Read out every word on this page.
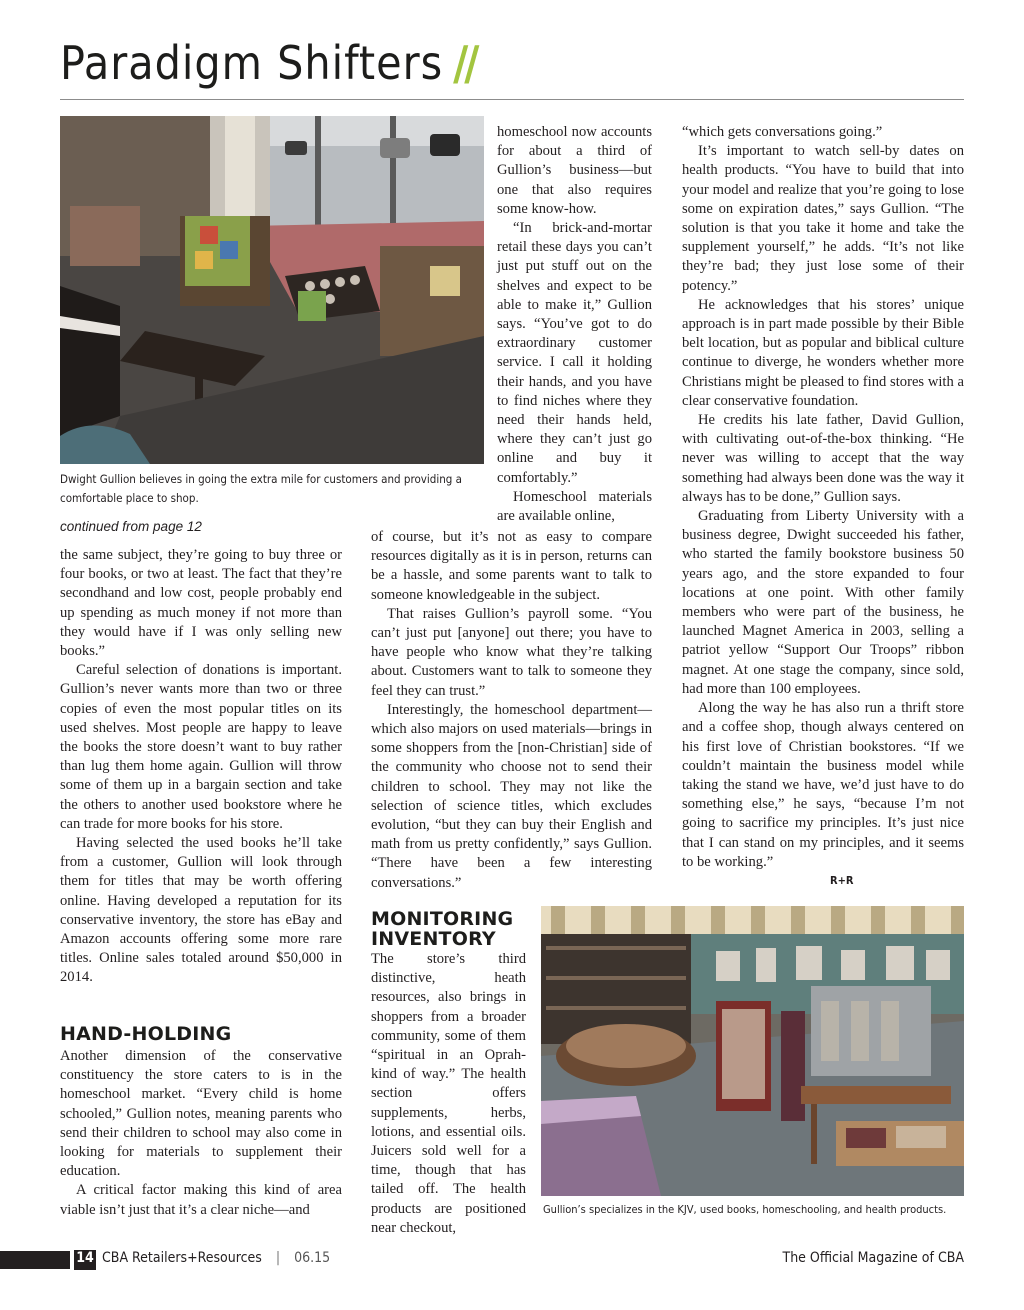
Paradigm Shifters //
Dwight Gullion believes in going the extra mile for customers and providing a comfortable place to shop.
continued from page 12

the same subject, they’re going to buy three or four books, or two at least. The fact that they’re secondhand and low cost, people probably end up spending as much money if not more than they would have if I was only selling new books.”

Careful selection of donations is important. Gullion’s never wants more than two or three copies of even the most popular titles on its used shelves. Most people are happy to leave the books the store doesn’t want to buy rather than lug them home again. Gullion will throw some of them up in a bargain section and take the others to another used bookstore where he can trade for more books for his store.

Having selected the used books he’ll take from a customer, Gullion will look through them for titles that may be worth offering online. Having developed a reputation for its conservative inventory, the store has eBay and Amazon accounts offering some more rare titles. Online sales totaled around $50,000 in 2014.

HAND-HOLDING

Another dimension of the conservative constituency the store caters to is in the homeschool market. “Every child is home schooled,” Gullion notes, meaning parents who send their children to school may also come in looking for materials to supplement their education.

A critical factor making this kind of area viable isn’t just that it’s a clear niche—and

homeschool now accounts for about a third of Gullion’s business—but one that also requires some know-how.

“In brick-and-mortar retail these days you can’t just put stuff out on the shelves and expect to be able to make it,” Gullion says. “You’ve got to do extraordinary customer service. I call it holding their hands, and you have to find niches where they need their hands held, where they can’t just go online and buy it comfortably.”

Homeschool materials are available online,

of course, but it’s not as easy to compare resources digitally as it is in person, returns can be a hassle, and some parents want to talk to someone knowledgeable in the subject.

That raises Gullion’s payroll some. “You can’t just put [anyone] out there; you have to have people who know what they’re talking about. Customers want to talk to someone they feel they can trust.”

Interestingly, the homeschool department—which also majors on used materials—brings in some shoppers from the [non-Christian] side of the community who choose not to send their children to school. They may not like the selection of science titles, which excludes evolution, “but they can buy their English and math from us pretty confidently,” says Gullion. “There have been a few interesting conversations.”

MONITORING INVENTORY

The store’s third distinctive, heath resources, also brings in shoppers from a broader community, some of them “spiritual in an Oprah-kind of way.” The health section offers supplements, herbs, lotions, and essential oils. Juicers sold well for a time, though that has tailed off. The health products are positioned near checkout,

“which gets conversations going.”

It’s important to watch sell-by dates on health products. “You have to build that into your model and realize that you’re going to lose some on expiration dates,” says Gullion. “The solution is that you take it home and take the supplement yourself,” he adds. “It’s not like they’re bad; they just lose some of their potency.”

He acknowledges that his stores’ unique approach is in part made possible by their Bible belt location, but as popular and biblical culture continue to diverge, he wonders whether more Christians might be pleased to find stores with a clear conservative foundation.

He credits his late father, David Gullion, with cultivating out-of-the-box thinking. “He never was willing to accept that the way something had always been done was the way it always has to be done,” Gullion says.

Graduating from Liberty University with a business degree, Dwight succeeded his father, who started the family bookstore business 50 years ago, and the store expanded to four locations at one point. With other family members who were part of the business, he launched Magnet America in 2003, selling a patriot yellow “Support Our Troops” ribbon magnet. At one stage the company, since sold, had more than 100 employees.

Along the way he has also run a thrift store and a coffee shop, though always centered on his first love of Christian bookstores. “If we couldn’t maintain the business model while taking the stand we have, we’d just have to do something else,” he says, “because I’m not going to sacrifice my principles. It’s just nice that I can stand on my principles, and it seems to be working.”

R+R
Gullion’s specializes in the KJV, used books, homeschooling, and health products.
14 CBA Retailers+Resources | 06.15	The Official Magazine of CBA
